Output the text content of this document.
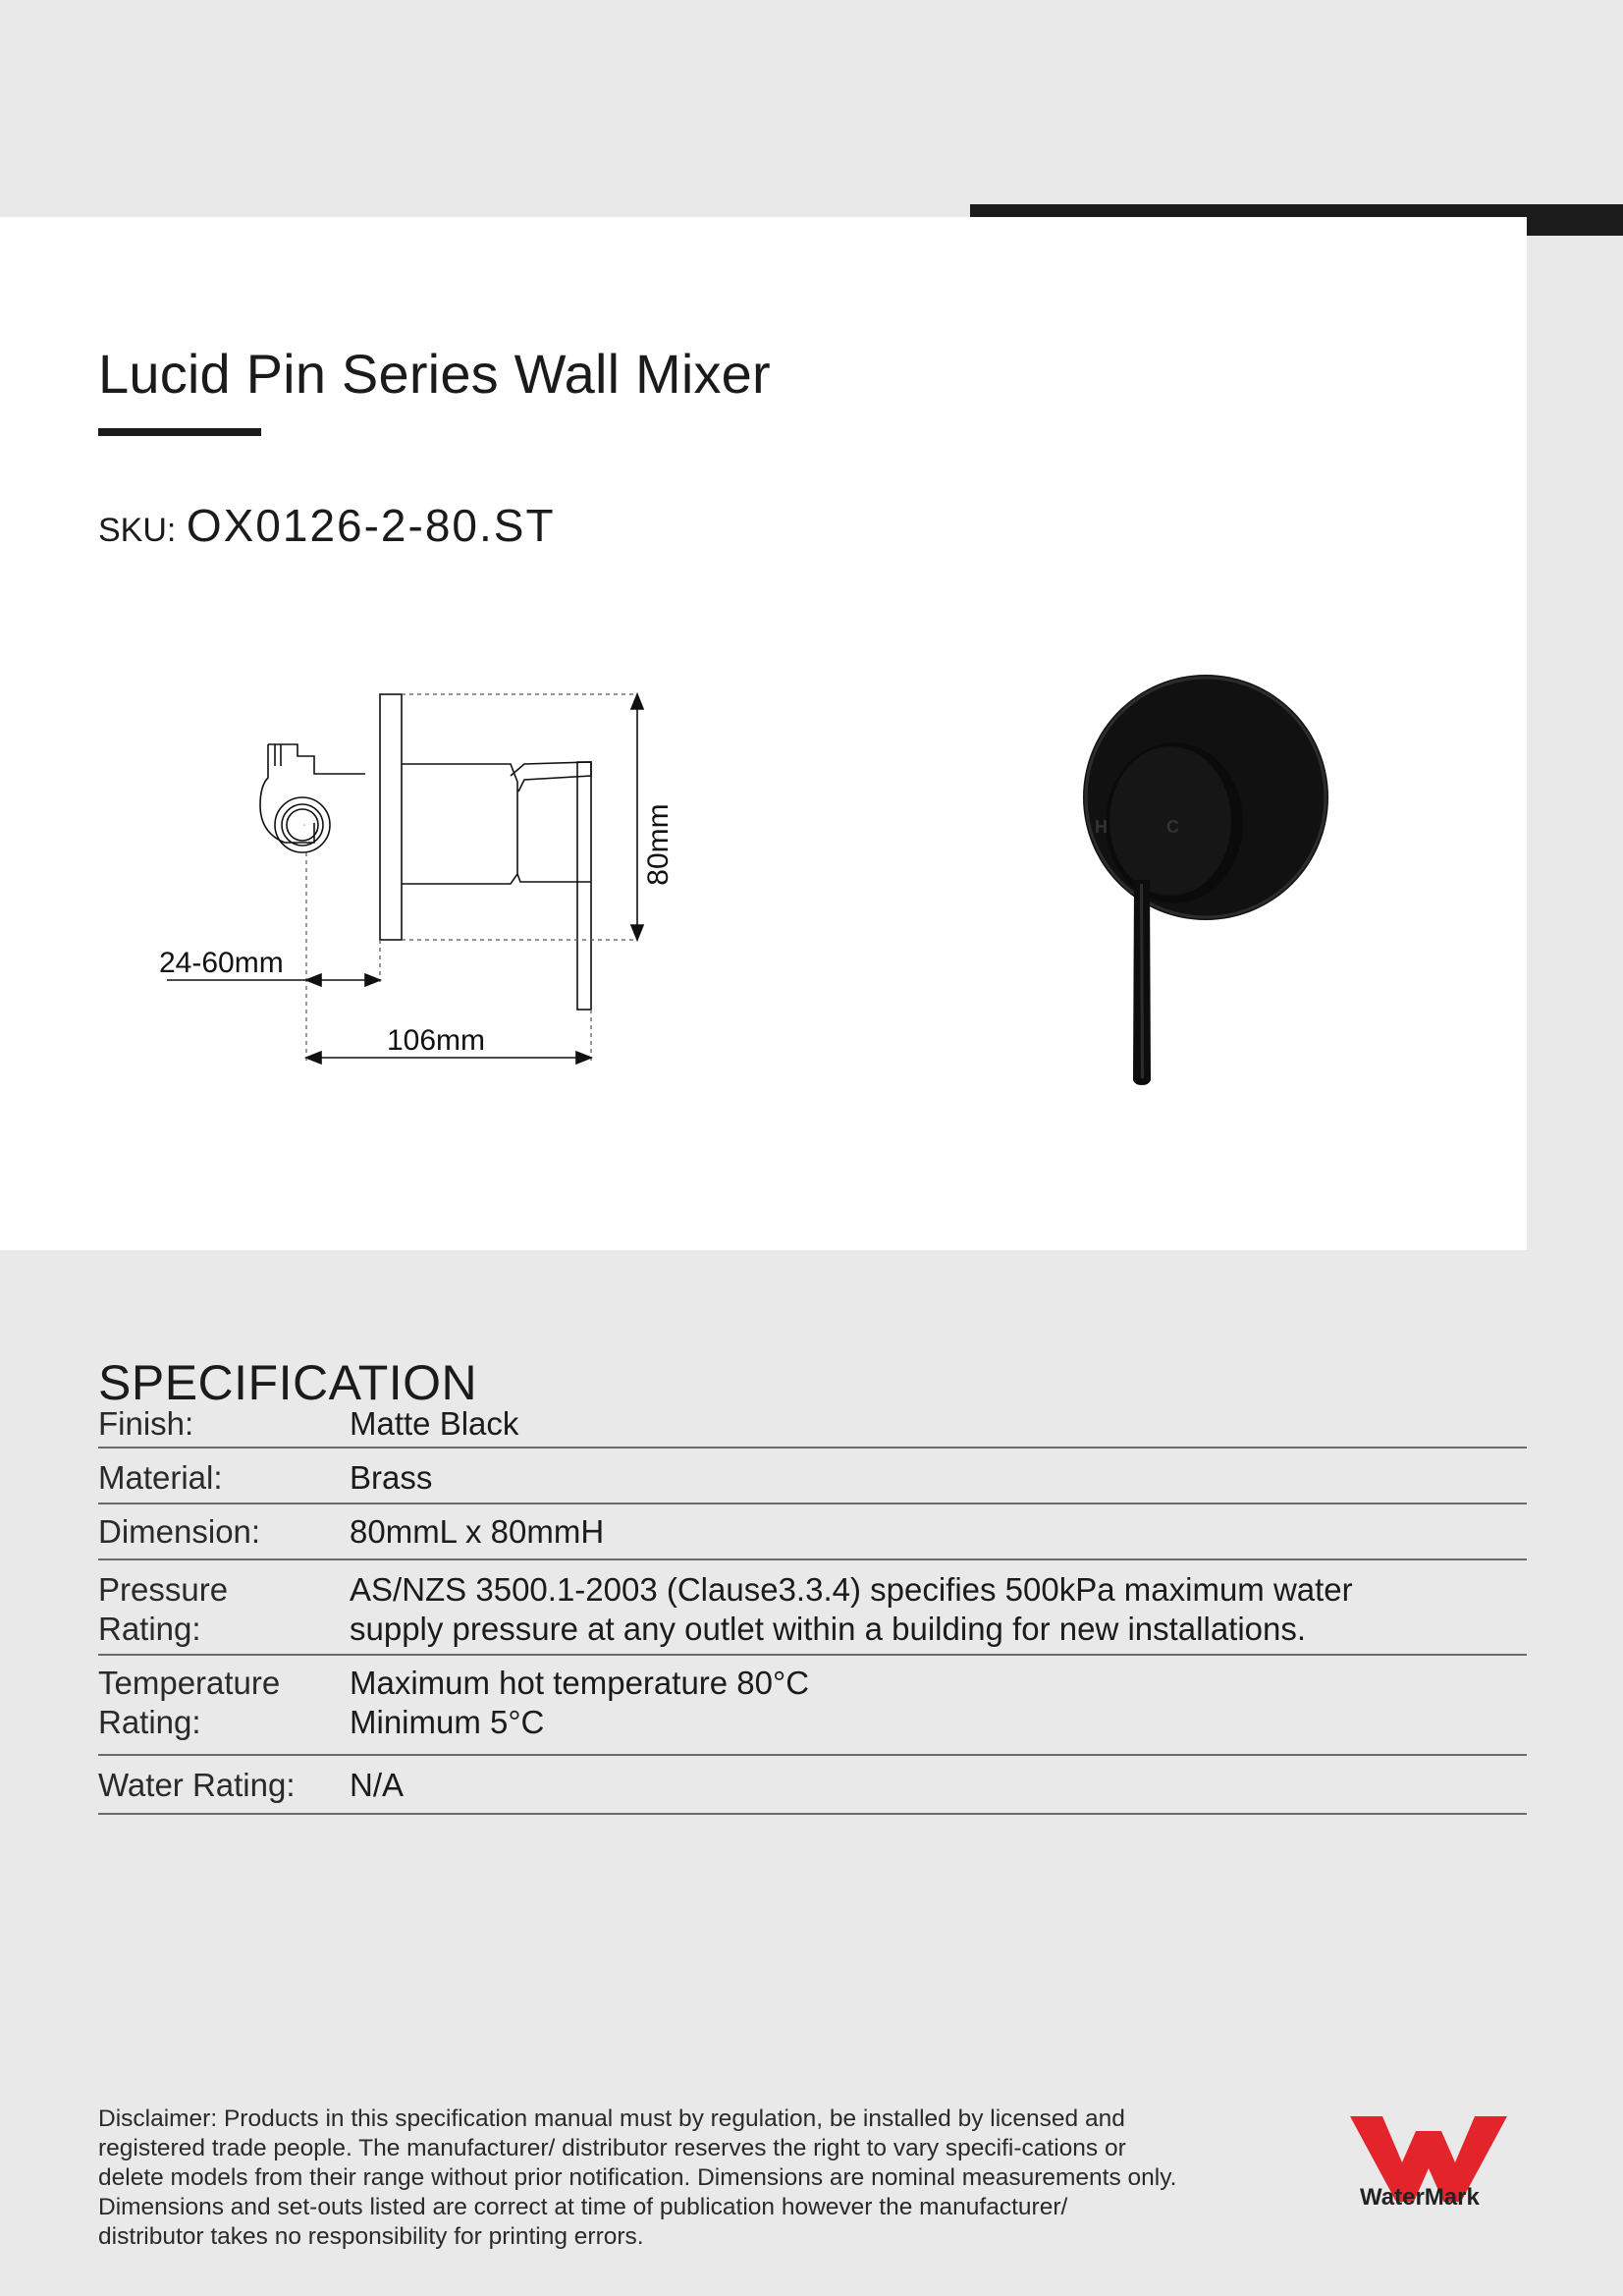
Lucid Pin Series Wall Mixer
SKU: OX0126-2-80.ST
80mm
24-60mm
106mm
H	C
SPECIFICATION
Finish:	Matte Black
Material:	Brass
Dimension:	80mmL x 80mmH
Pressure Rating:
AS/NZS 3500.1-2003 (Clause3.3.4) specifies 500kPa maximum water supply pressure at any outlet within a building for new installations.
Temperature Rating:
Maximum hot temperature 80°C
Minimum 5°C
Water Rating:	N/A

Disclaimer: Products in this specification manual must by regulation, be installed by licensed and registered trade people. The manufacturer/ distributor reserves the right to vary specifi-cations or delete models from their range without prior notification. Dimensions are nominal measurements only. Dimensions and set-outs listed are correct at time of publication however the manufacturer/ distributor takes no responsibility for printing errors.

WaterMark
